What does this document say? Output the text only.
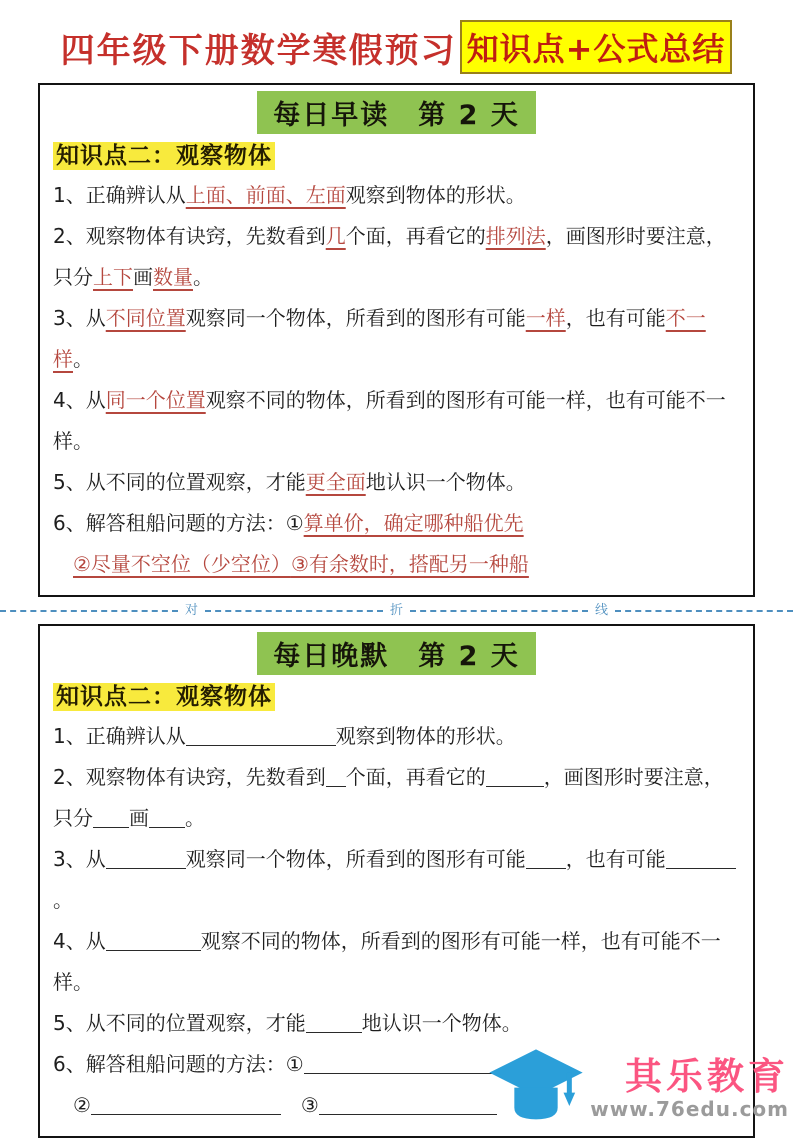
四年级下册数学寒假预习 知识点+公式总结
每日早读　第 2 天
知识点二：观察物体

1、正确辨认从上面、前面、左面观察到物体的形状。

2、观察物体有诀窍，先数看到几个面，再看它的排列法，画图形时要注意，只分上下画数量。

3、从不同位置观察同一个物体，所看到的图形有可能一样，也有可能不一样。

4、从同一个位置观察不同的物体，所看到的图形有可能一样，也有可能不一样。

5、从不同的位置观察，才能更全面地认识一个物体。

6、解答租船问题的方法：①算单价，确定哪种船优先
　②尽量不空位（少空位）③有余数时，搭配另一种船

对	折	线
每日晚默　第 2 天
知识点二：观察物体

1、正确辨认从	观察到物体的形状。

2、观察物体有诀窍，先数看到 个面，再看它的	，画图形时要注意，只分 画 。

3、从	观察同一个物体，所看到的图形有可能 ，也有可能。

4、从	观察不同的物体，所看到的图形有可能一样，也有可能不一样。

5、从不同的位置观察，才能	地认识一个物体。

6、解答租船问题的方法：①
　②	　③

其乐教育
www.76edu.com
